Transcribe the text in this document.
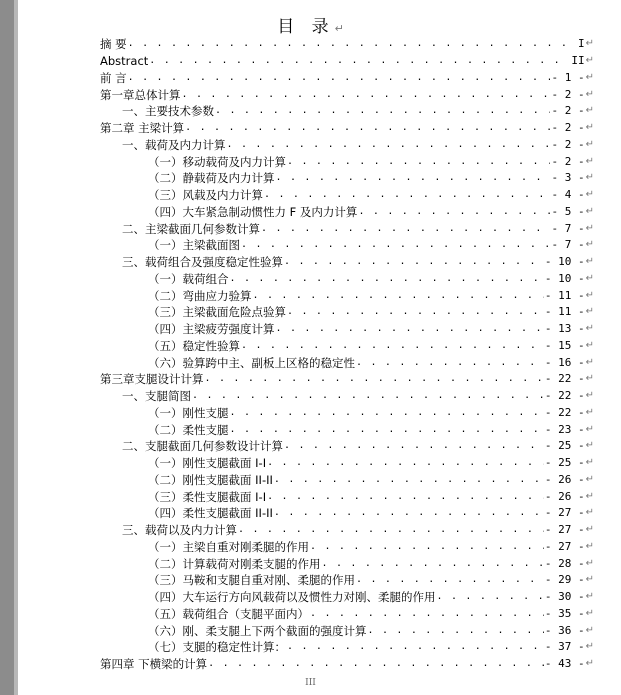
目 录↵
摘 要 . . .	I ↵
Abstract . . .	II ↵
前 言 . . .	- 1 - ↵
第一章总体计算 . . .	- 2 - ↵
一、主要技术参数 . . .	- 2 - ↵
第二章 主梁计算 . . .	- 2 - ↵
一、载荷及内力计算 . . .	- 2 - ↵
（一）移动载荷及内力计算 . . .	- 2 - ↵
（二）静载荷及内力计算 . . .	- 3 - ↵
（三）风载及内力计算 . . .	- 4 - ↵
（四）大车紧急制动惯性力 F 及内力计算 . . .	- 5 - ↵
二、主梁截面几何参数计算 . . .	- 7 - ↵
（一）主梁截面图 . . .	- 7 - ↵
三、载荷组合及强度稳定性验算 . . .	- 10 - ↵
（一）载荷组合 . . .	- 10 - ↵
（二）弯曲应力验算 . . .	- 11 - ↵
（三）主梁截面危险点验算 . . .	- 11 - ↵
（四）主梁疲劳强度计算 . . .	- 13 - ↵
（五）稳定性验算 . . .	- 15 - ↵
（六）验算跨中主、副板上区格的稳定性 . . .	- 16 - ↵
第三章支腿设计计算 . . .	- 22 - ↵
一、支腿简图 . . .	- 22 - ↵
（一）刚性支腿 . . .	- 22 - ↵
（二）柔性支腿 . . .	- 23 - ↵
二、支腿截面几何参数设计计算 . . .	- 25 - ↵
（一）刚性支腿截面 I-I . . .	- 25 - ↵
（二）刚性支腿截面 II-II . . .	- 26 - ↵
（三）柔性支腿截面 I-I . . .	- 26 - ↵
（四）柔性支腿截面 II-II . . .	- 27 - ↵
三、载荷以及内力计算 . . .	- 27 - ↵
（一）主梁自重对刚柔腿的作用 . . .	- 27 - ↵
（二）计算载荷对刚柔支腿的作用 . . .	- 28 - ↵
（三）马鞍和支腿自重对刚、柔腿的作用 . . .	- 29 - ↵
（四）大车运行方向风载荷以及惯性力对刚、柔腿的作用 . . .	- 30 - ↵
（五）载荷组合（支腿平面内） . . .	- 35 - ↵
（六）刚、柔支腿上下两个截面的强度计算 . . .	- 36 - ↵
（七）支腿的稳定性计算： . . .	- 37 - ↵
第四章 下横梁的计算 . . .	- 43 - ↵
III
